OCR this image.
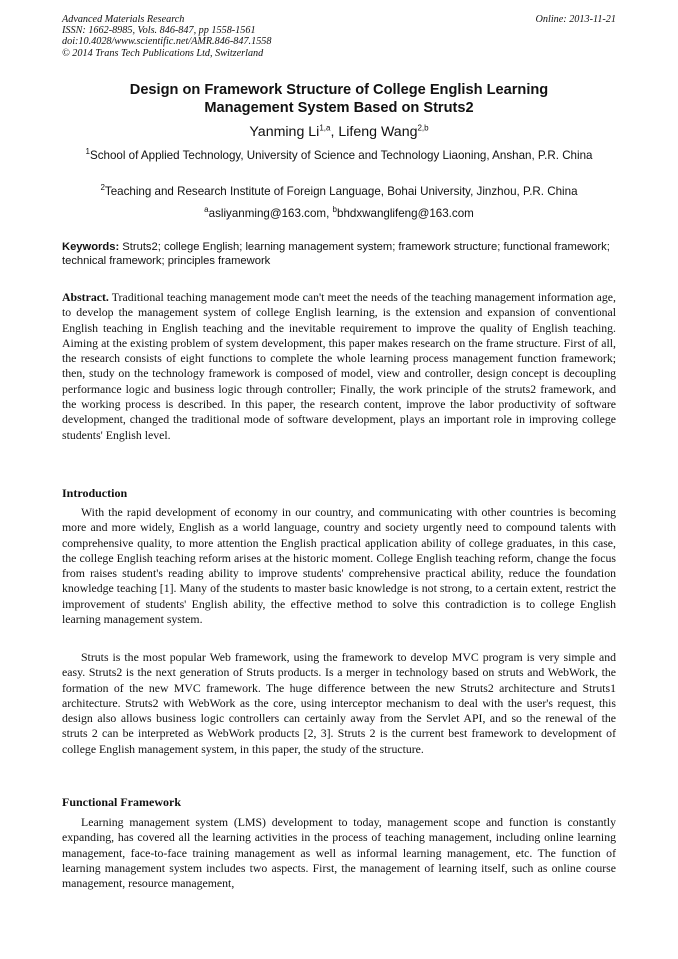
Advanced Materials Research
ISSN: 1662-8985, Vols. 846-847, pp 1558-1561
doi:10.4028/www.scientific.net/AMR.846-847.1558
© 2014 Trans Tech Publications Ltd, Switzerland
Online: 2013-11-21
Design on Framework Structure of College English Learning
Management System Based on Struts2
Yanming Li$^{1,a}$, Lifeng Wang$^{2,b}$
$^1$School of Applied Technology, University of Science and Technology Liaoning, Anshan, P.R. China
$^2$Teaching and Research Institute of Foreign Language, Bohai University, Jinzhou, P.R. China
$^a$asliyanming@163.com, $^b$bhdxwanglifeng@163.com
Keywords: Struts2; college English; learning management system; framework structure; functional framework; technical framework; principles framework
Abstract. Traditional teaching management mode can't meet the needs of the teaching management information age, to develop the management system of college English learning, is the extension and expansion of conventional English teaching in English teaching and the inevitable requirement to improve the quality of English teaching. Aiming at the existing problem of system development, this paper makes research on the frame structure. First of all, the research consists of eight functions to complete the whole learning process management function framework; then, study on the technology framework is composed of model, view and controller, design concept is decoupling performance logic and business logic through controller; Finally, the work principle of the struts2 framework, and the working process is described. In this paper, the research content, improve the labor productivity of software development, changed the traditional mode of software development, plays an important role in improving college students' English level.
Introduction
With the rapid development of economy in our country, and communicating with other countries is becoming more and more widely, English as a world language, country and society urgently need to compound talents with comprehensive quality, to more attention the English practical application ability of college graduates, in this case, the college English teaching reform arises at the historic moment. College English teaching reform, change the focus from raises student's reading ability to improve students' comprehensive practical ability, reduce the foundation knowledge teaching [1]. Many of the students to master basic knowledge is not strong, to a certain extent, restrict the improvement of students' English ability, the effective method to solve this contradiction is to college English learning management system.
Struts is the most popular Web framework, using the framework to develop MVC program is very simple and easy. Struts2 is the next generation of Struts products. Is a merger in technology based on struts and WebWork, the formation of the new MVC framework. The huge difference between the new Struts2 architecture and Struts1 architecture. Struts2 with WebWork as the core, using interceptor mechanism to deal with the user's request, this design also allows business logic controllers can certainly away from the Servlet API, and so the renewal of the struts 2 can be interpreted as WebWork products [2, 3]. Struts 2 is the current best framework to development of college English management system, in this paper, the study of the structure.
Functional Framework
Learning management system (LMS) development to today, management scope and function is constantly expanding, has covered all the learning activities in the process of teaching management, including online learning management, face-to-face training management as well as informal learning management, etc. The function of learning management system includes two aspects. First, the management of learning itself, such as online course management, resource management,
